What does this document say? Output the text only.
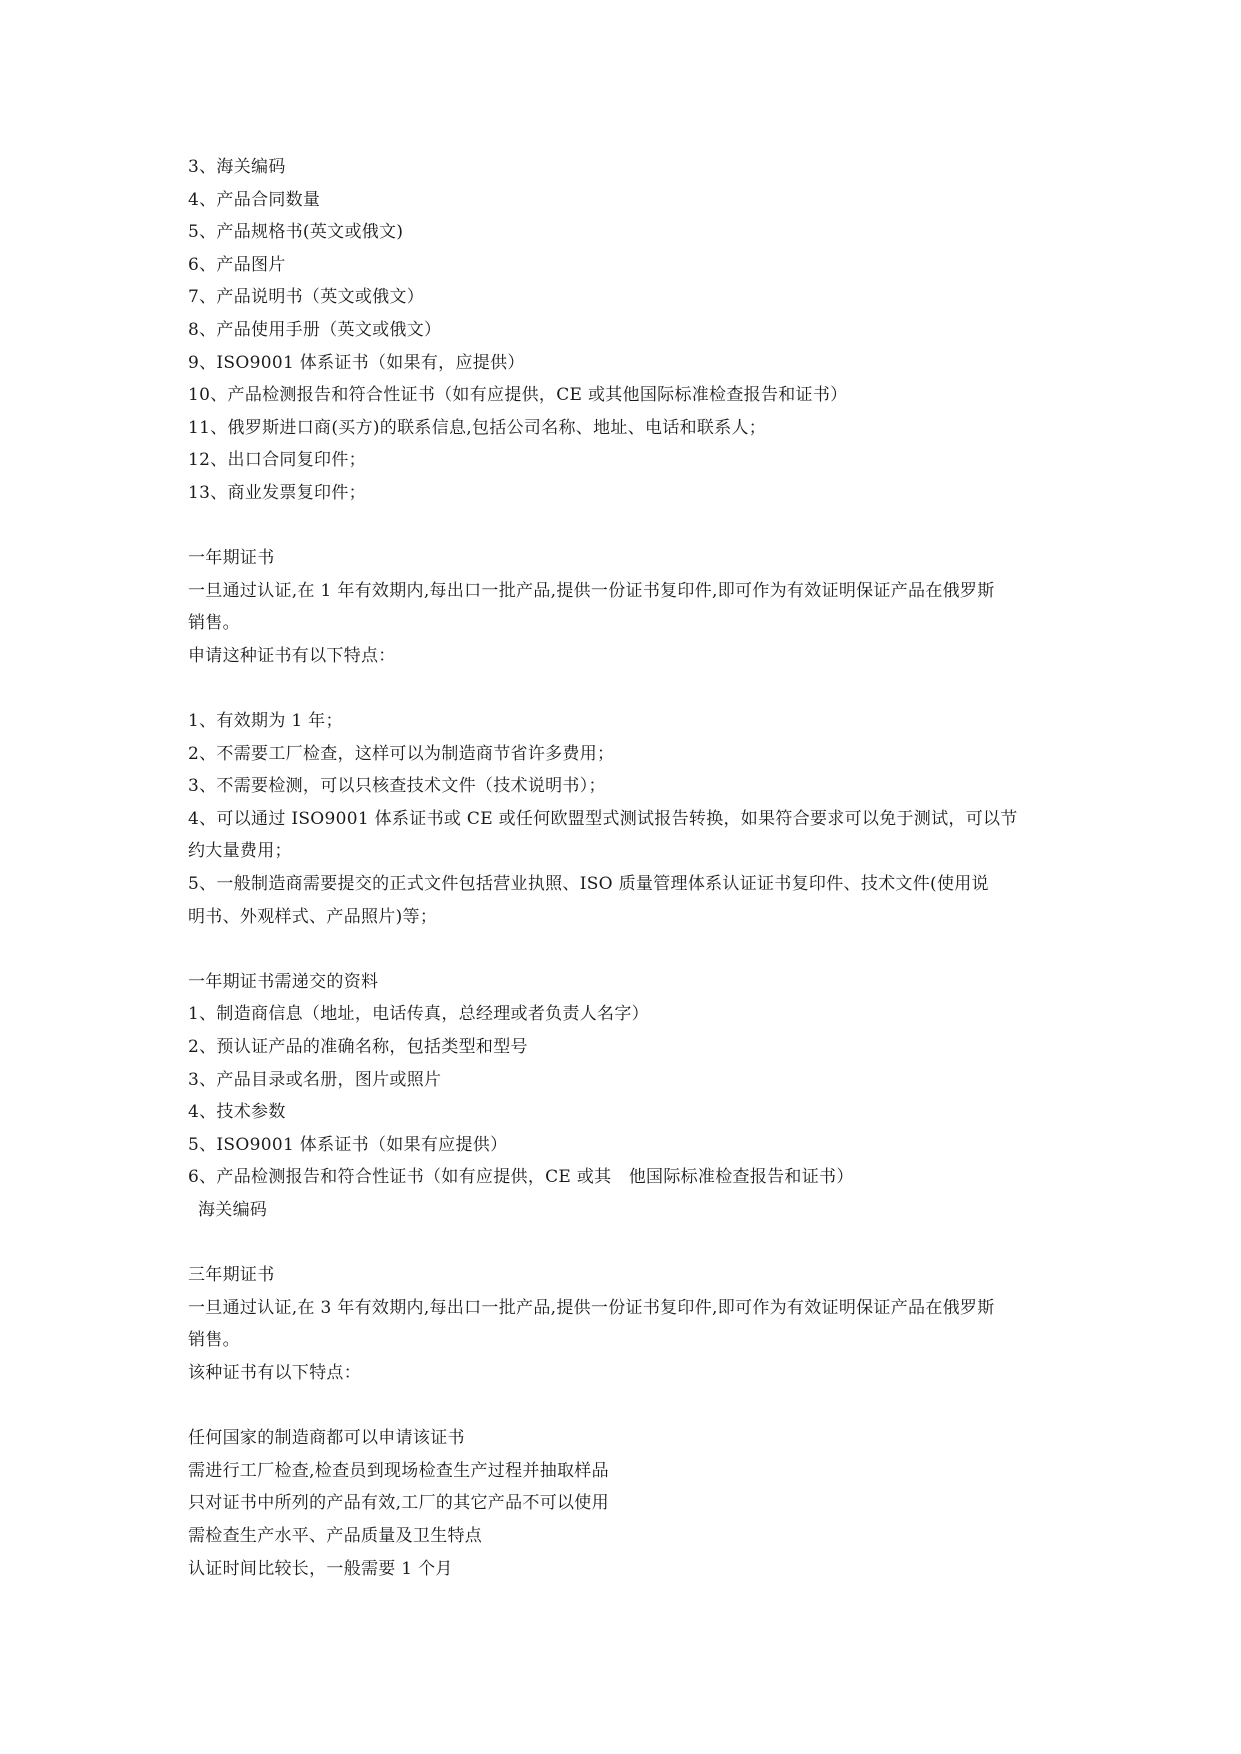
3、海关编码
4、产品合同数量
5、产品规格书(英文或俄文)
6、产品图片
7、产品说明书（英文或俄文）
8、产品使用手册（英文或俄文）
9、ISO9001 体系证书（如果有，应提供）
10、产品检测报告和符合性证书（如有应提供，CE 或其他国际标准检查报告和证书）
11、俄罗斯进口商(买方)的联系信息,包括公司名称、地址、电话和联系人；
12、出口合同复印件；
13、商业发票复印件；
一年期证书
一旦通过认证,在 1 年有效期内,每出口一批产品,提供一份证书复印件,即可作为有效证明保证产品在俄罗斯
销售。
申请这种证书有以下特点：
1、有效期为 1 年；
2、不需要工厂检查，这样可以为制造商节省许多费用；
3、不需要检测，可以只核查技术文件（技术说明书）；
4、可以通过 ISO9001 体系证书或 CE 或任何欧盟型式测试报告转换，如果符合要求可以免于测试，可以节
约大量费用；
5、一般制造商需要提交的正式文件包括营业执照、ISO 质量管理体系认证证书复印件、技术文件(使用说
明书、外观样式、产品照片)等；
一年期证书需递交的资料
1、制造商信息（地址，电话传真，总经理或者负责人名字）
2、预认证产品的准确名称，包括类型和型号
3、产品目录或名册，图片或照片
4、技术参数
5、ISO9001 体系证书（如果有应提供）
6、产品检测报告和符合性证书（如有应提供，CE 或其　他国际标准检查报告和证书）
海关编码
三年期证书
一旦通过认证,在 3 年有效期内,每出口一批产品,提供一份证书复印件,即可作为有效证明保证产品在俄罗斯
销售。
该种证书有以下特点：
任何国家的制造商都可以申请该证书
需进行工厂检查,检查员到现场检查生产过程并抽取样品
只对证书中所列的产品有效,工厂的其它产品不可以使用
需检查生产水平、产品质量及卫生特点
认证时间比较长，一般需要 1 个月
